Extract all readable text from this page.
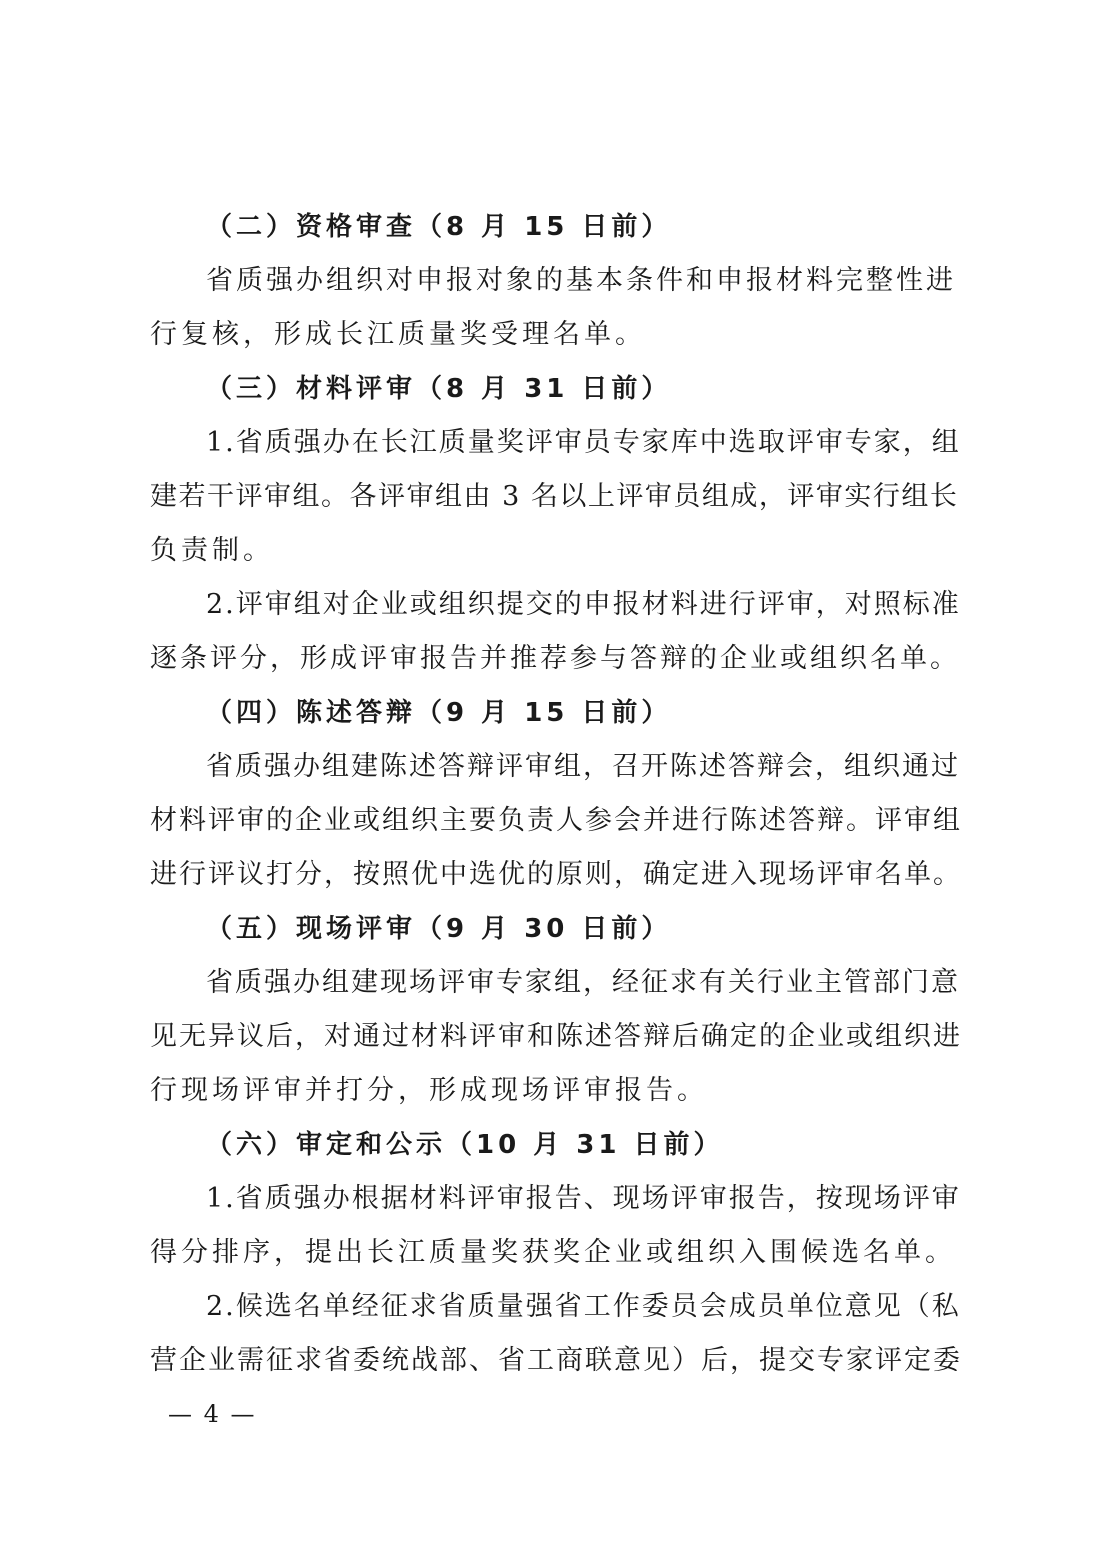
（二）资格审查（8 月 15 日前）
省质强办组织对申报对象的基本条件和申报材料完整性进
行复核，形成长江质量奖受理名单。
（三）材料评审（8 月 31 日前）
1.省质强办在长江质量奖评审员专家库中选取评审专家，组
建若干评审组。各评审组由 3 名以上评审员组成，评审实行组长
负责制。
2.评审组对企业或组织提交的申报材料进行评审，对照标准
逐条评分，形成评审报告并推荐参与答辩的企业或组织名单。
（四）陈述答辩（9 月 15 日前）
省质强办组建陈述答辩评审组，召开陈述答辩会，组织通过
材料评审的企业或组织主要负责人参会并进行陈述答辩。评审组
进行评议打分，按照优中选优的原则，确定进入现场评审名单。
（五）现场评审（9 月 30 日前）
省质强办组建现场评审专家组，经征求有关行业主管部门意
见无异议后，对通过材料评审和陈述答辩后确定的企业或组织进
行现场评审并打分，形成现场评审报告。
（六）审定和公示（10 月 31 日前）
1.省质强办根据材料评审报告、现场评审报告，按现场评审
得分排序，提出长江质量奖获奖企业或组织入围候选名单。
2.候选名单经征求省质量强省工作委员会成员单位意见（私
营企业需征求省委统战部、省工商联意见）后，提交专家评定委
— 4 —
